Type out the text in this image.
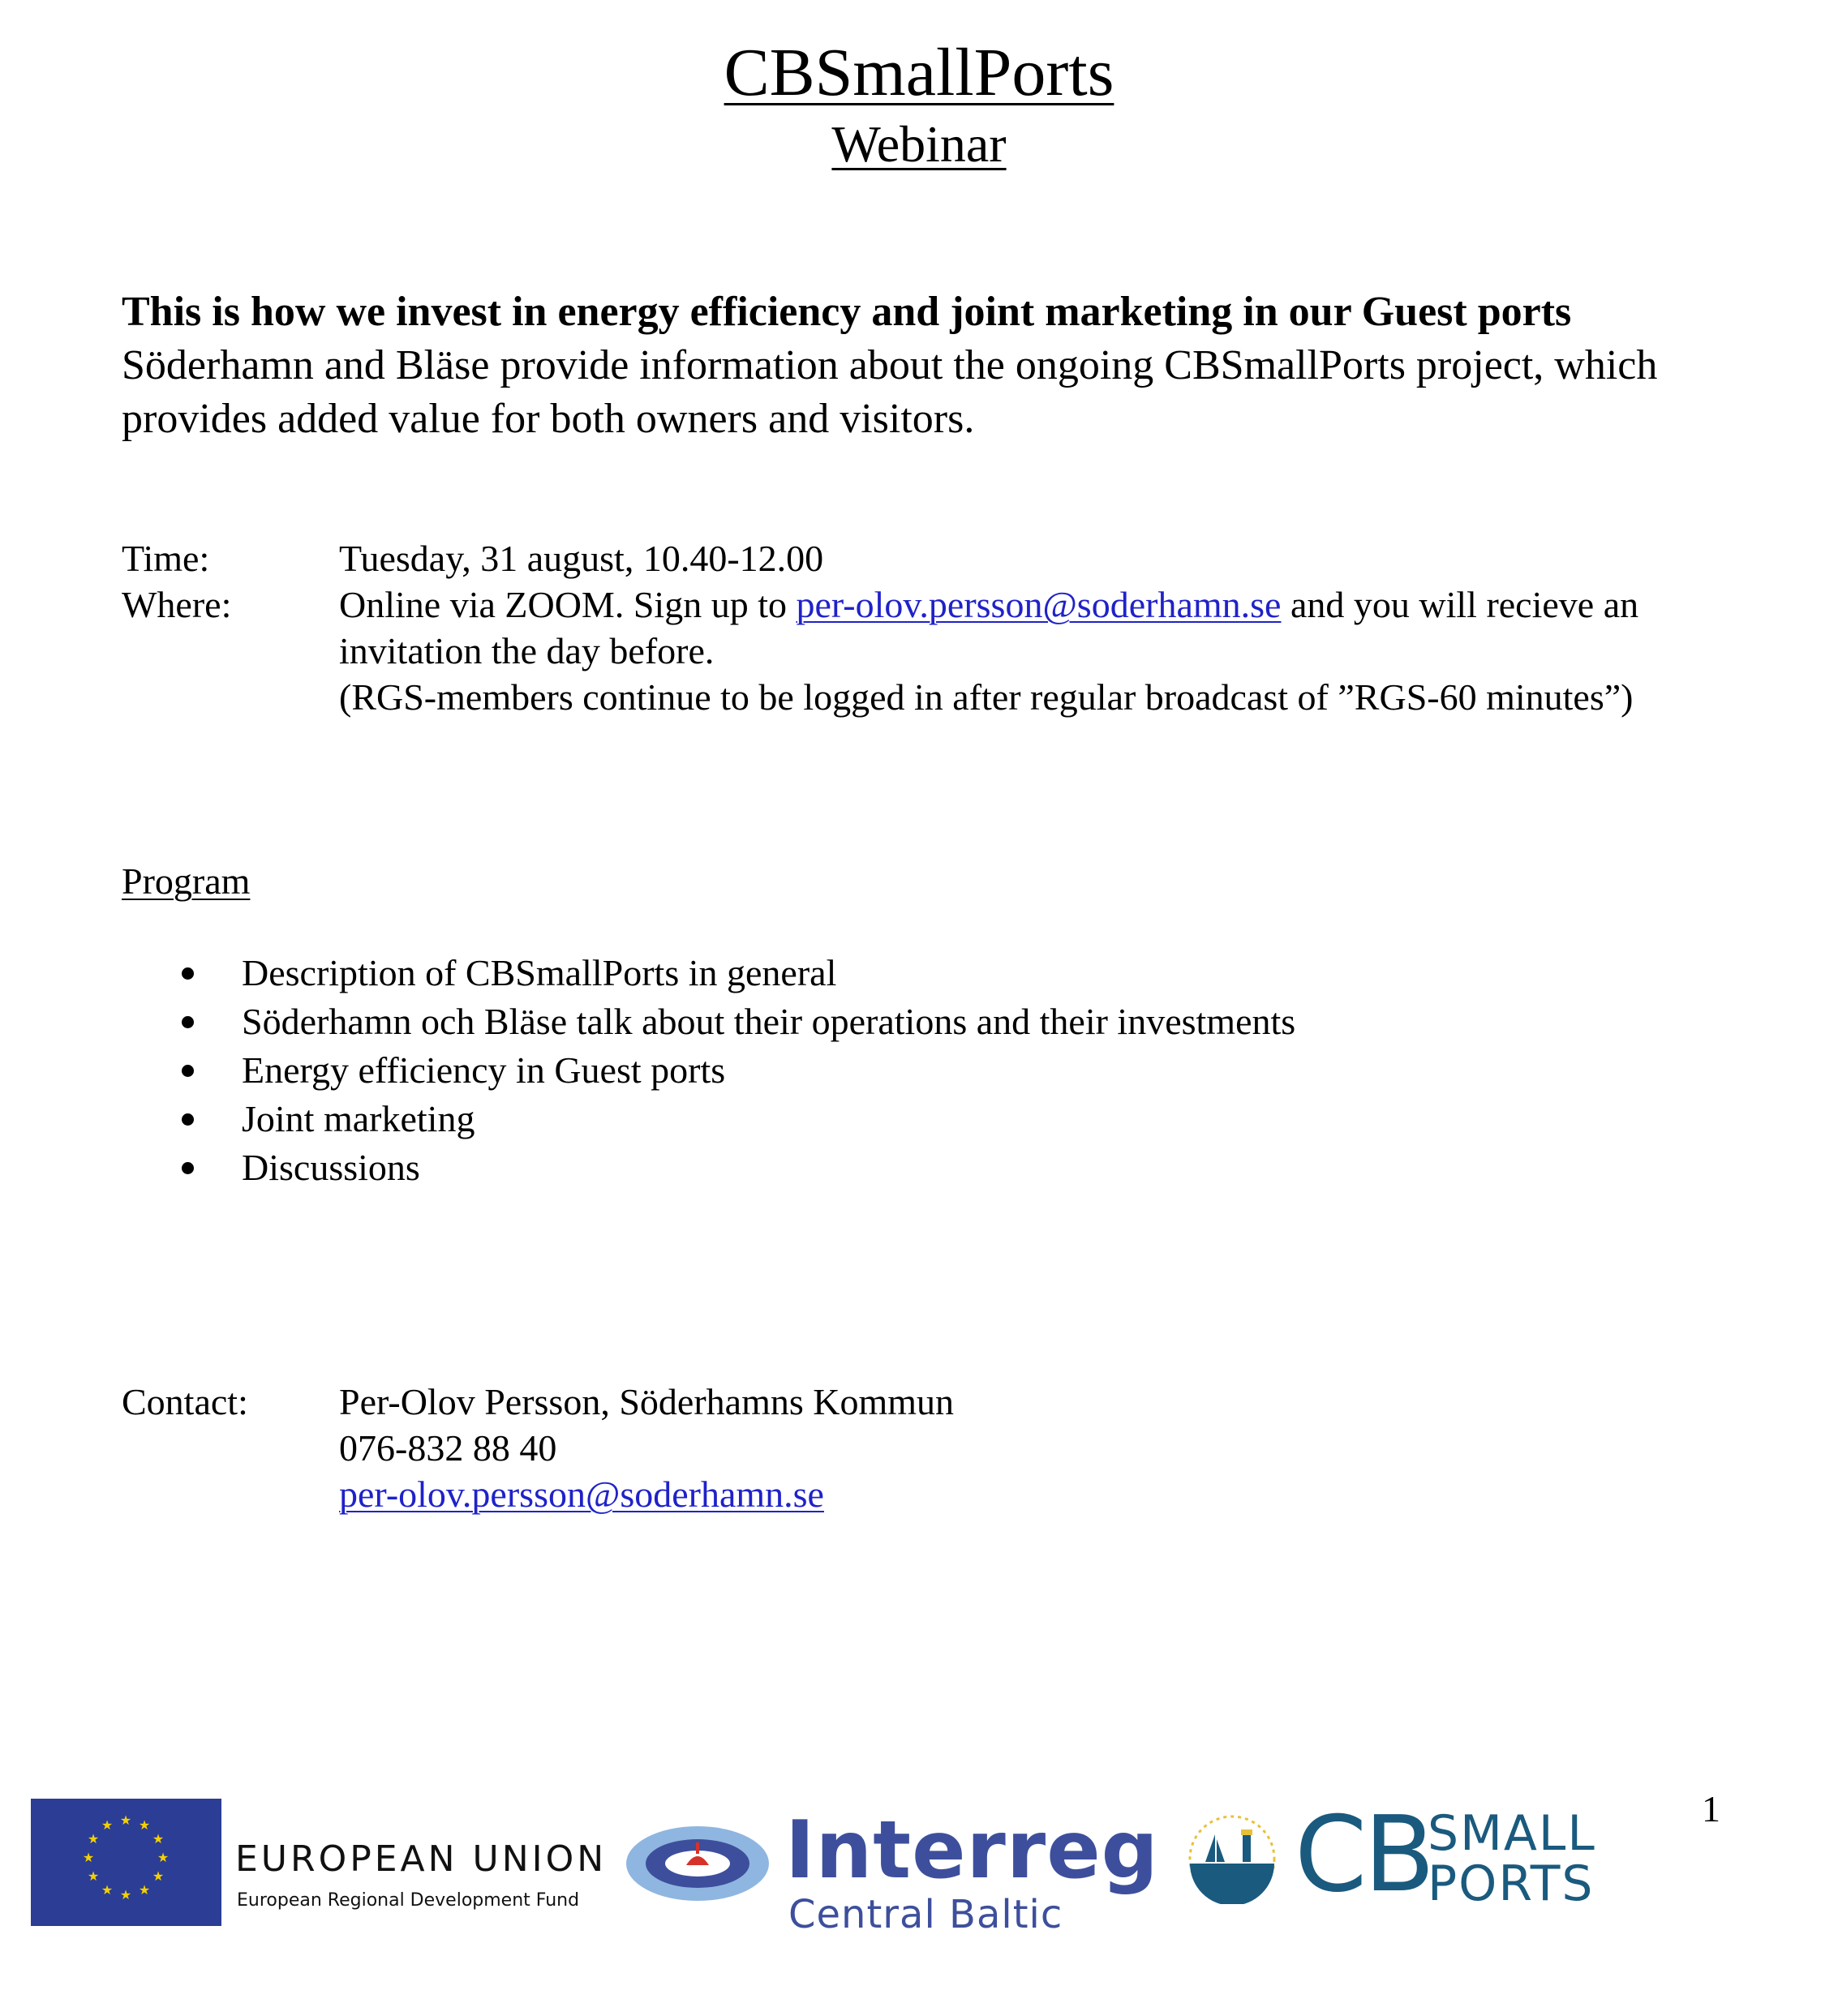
CBSmallPorts
Webinar
This is how we invest in energy efficiency and joint marketing in our Guest ports
Söderhamn and Bläse provide information about the ongoing CBSmallPorts project, which provides added value for both owners and visitors.
Time:	Tuesday, 31 august, 10.40-12.00
Where:	Online via ZOOM. Sign up to per-olov.persson@soderhamn.se and you will recieve an invitation the day before.
(RGS-members continue to be logged in after regular broadcast of ”RGS-60 minutes”)
Program
Description of CBSmallPorts in general
Söderhamn och Bläse talk about their operations and their investments
Energy efficiency in Guest ports
Joint marketing
Discussions
Contact: Per-Olov Persson, Söderhamns Kommun
076-832 88 40
per-olov.persson@soderhamn.se
1
★ ★
★
★
★
★
★
★
★
★
★
★
EUROPEAN UNION
European Regional Development Fund
Interreg
Central Baltic CB
SMALL
PORTS
